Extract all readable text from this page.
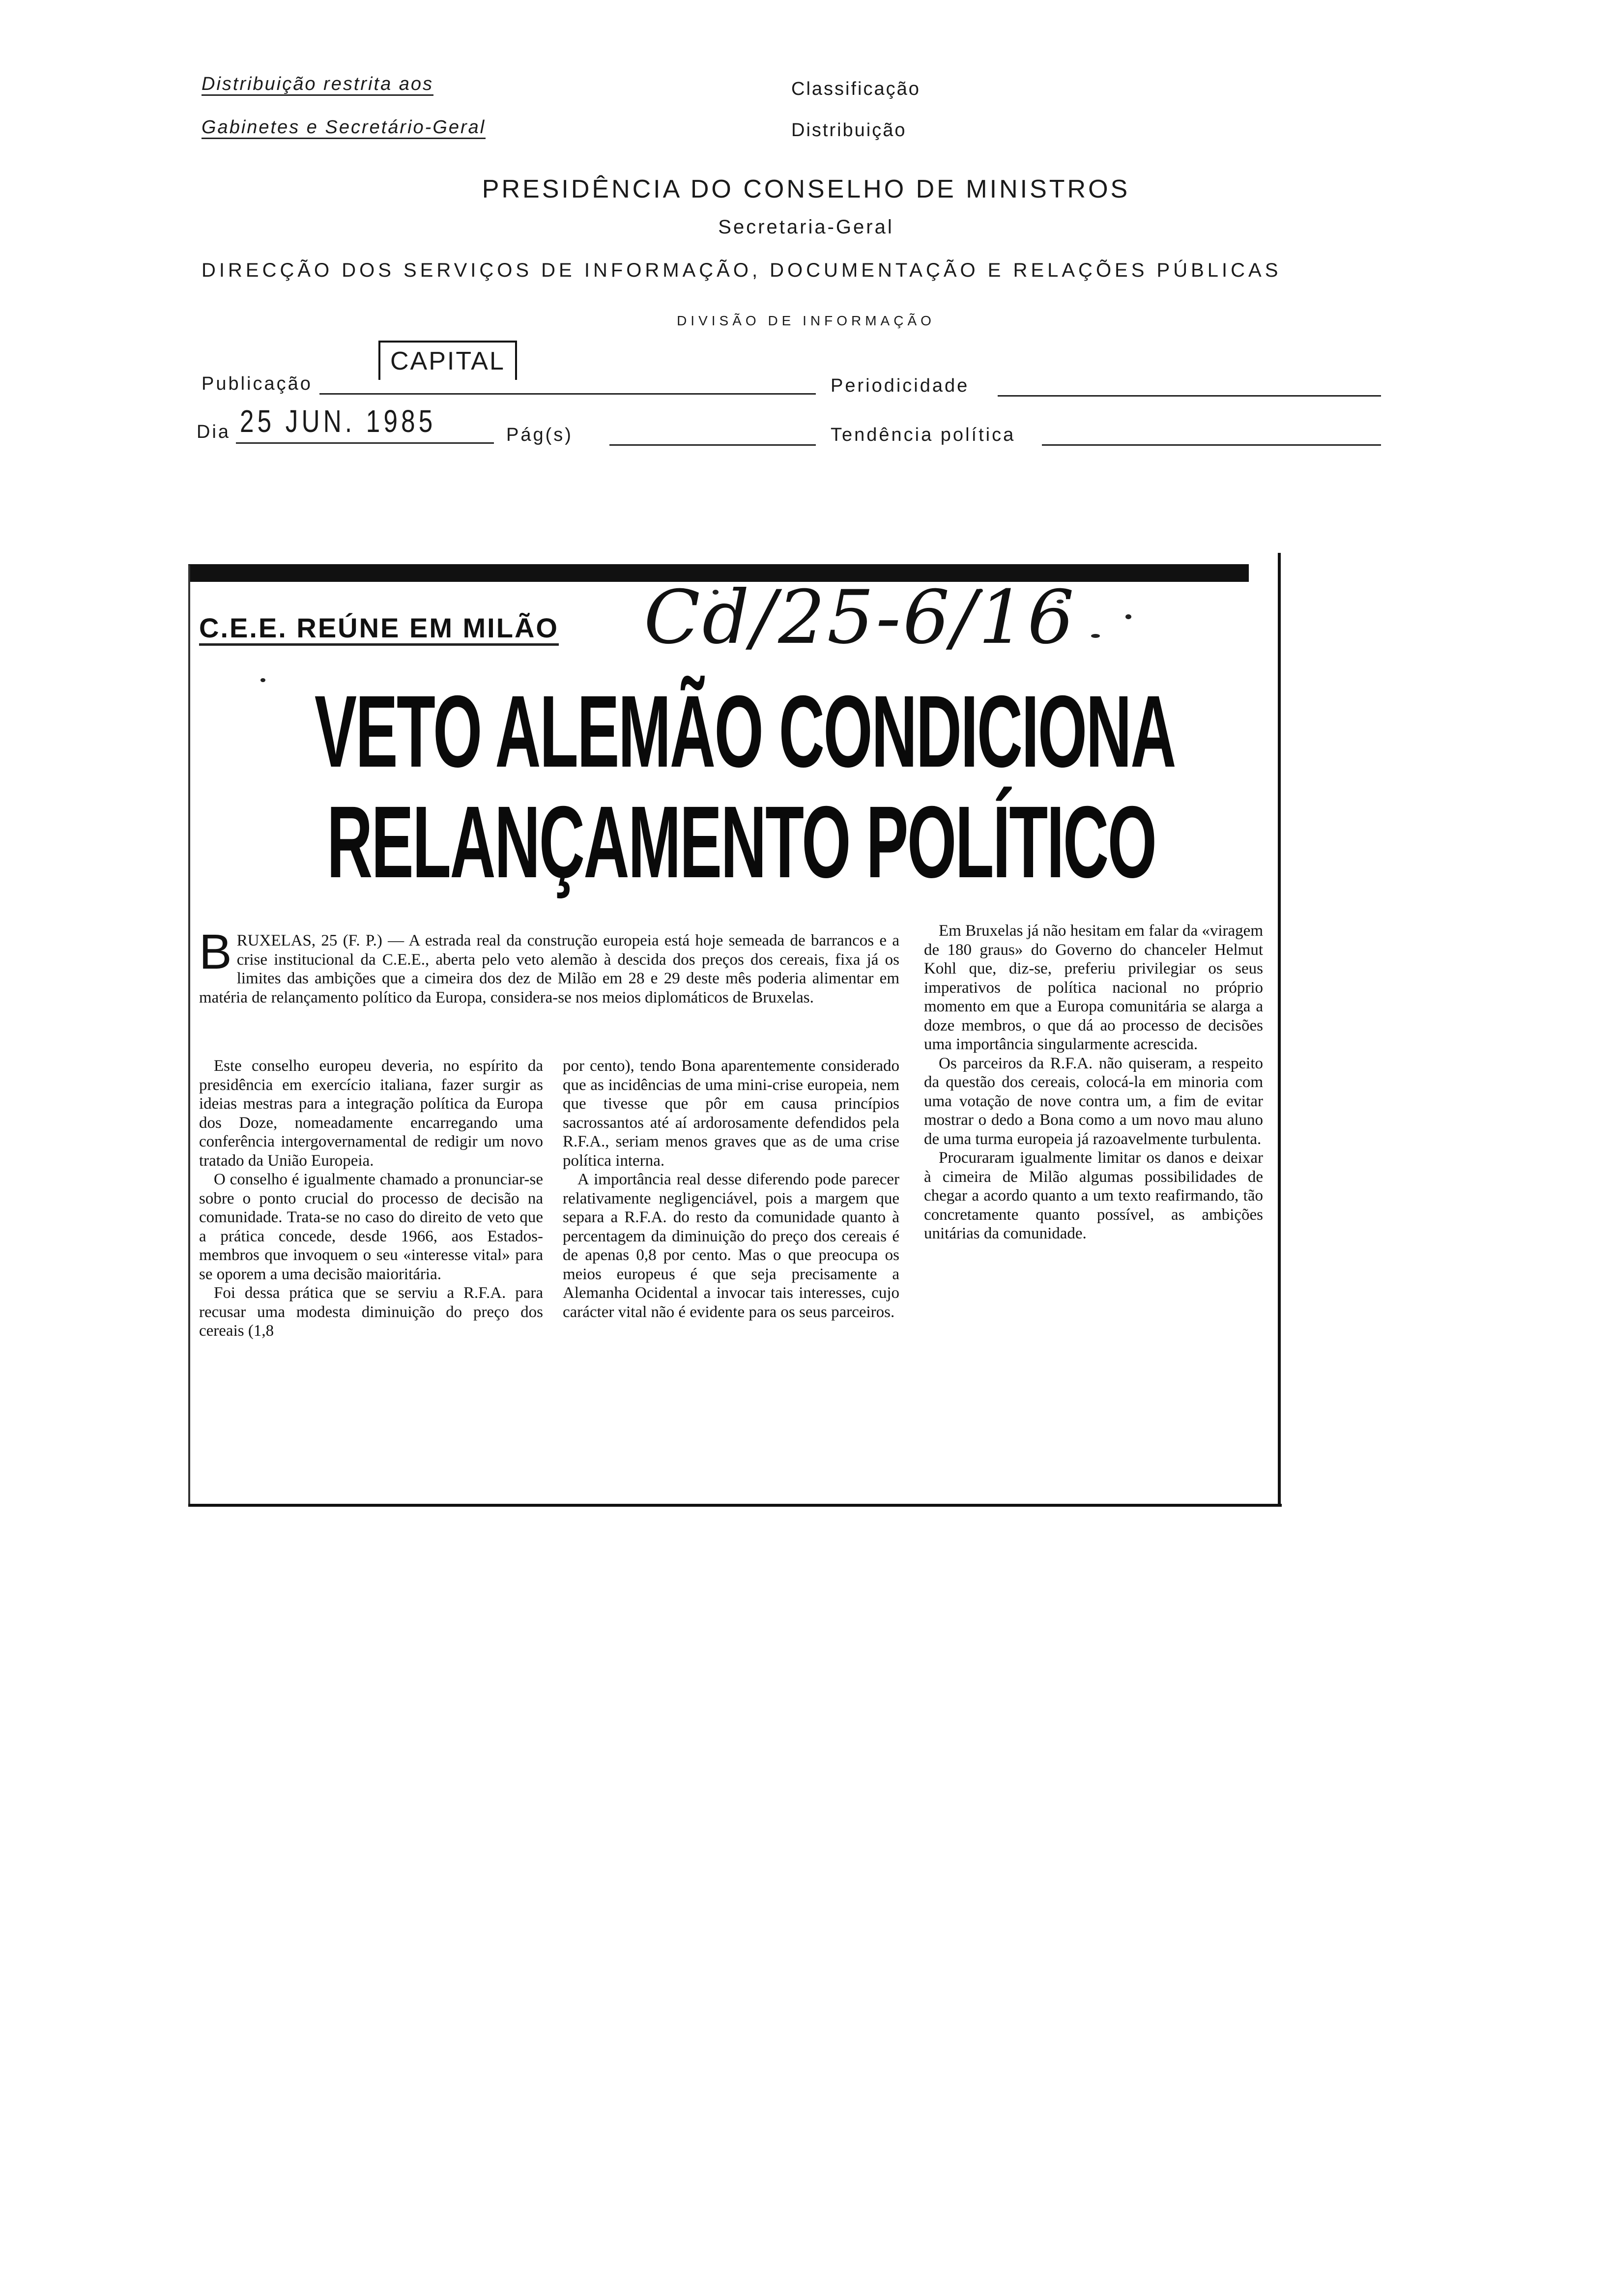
Distribuição restrita aos
Gabinetes e Secretário-Geral
Classificação
Distribuição
PRESIDÊNCIA DO CONSELHO DE MINISTROS
Secretaria-Geral
DIRECÇÃO DOS SERVIÇOS DE INFORMAÇÃO, DOCUMENTAÇÃO E RELAÇÕES PÚBLICAS
DIVISÃO DE INFORMAÇÃO
Publicação
CAPITAL
Periodicidade
Dia 25 JUN. 1985	Pág(s)	Tendência política
C.E.E. REÚNE EM MILÃO Cd/25-6/16
VETO ALEMÃO CONDICIONA
RELANÇAMENTO POLÍTICO
B RUXELAS, 25 (F. P.) — A estrada real da construção europeia está hoje semeada de barrancos e a crise institucional da C.E.E., aberta pelo veto alemão à descida dos preços dos cereais, fixa já os limites das ambições que a cimeira dos dez de Milão em 28 e 29 deste mês poderia alimentar em matéria de relançamento político da Europa, considera-se nos meios diplomáticos de Bruxelas.

Este conselho europeu deveria, no espírito da presidência em exercício italiana, fazer surgir as ideias mestras para a integração política da Europa dos Doze, nomeadamente encarregando uma conferência intergovernamental de redigir um novo tratado da União Europeia.

O conselho é igualmente chamado a pronunciar-se sobre o ponto crucial do processo de decisão na comunidade. Trata-se no caso do direito de veto que a prática concede, desde 1966, aos Estados-membros que invoquem o seu «interesse vital» para se oporem a uma decisão maioritária.

Foi dessa prática que se serviu a R.F.A. para recusar uma modesta diminuição do preço dos cereais (1,8

por cento), tendo Bona aparentemente considerado que as incidências de uma mini-crise europeia, nem que tivesse que pôr em causa princípios sacrossantos até aí ardorosamente defendidos pela R.F.A., seriam menos graves que as de uma crise política interna.

A importância real desse diferendo pode parecer relativamente negligenciável, pois a margem que separa a R.F.A. do resto da comunidade quanto à percentagem da diminuição do preço dos cereais é de apenas 0,8 por cento. Mas o que preocupa os meios europeus é que seja precisamente a Alemanha Ocidental a invocar tais interesses, cujo carácter vital não é evidente para os seus parceiros.

Em Bruxelas já não hesitam em falar da «viragem de 180 graus» do Governo do chanceler Helmut Kohl que, diz-se, preferiu privilegiar os seus imperativos de política nacional no próprio momento em que a Europa comunitária se alarga a doze membros, o que dá ao processo de decisões uma importância singularmente acrescida.

Os parceiros da R.F.A. não quiseram, a respeito da questão dos cereais, colocá-la em minoria com uma votação de nove contra um, a fim de evitar mostrar o dedo a Bona como a um novo mau aluno de uma turma europeia já razoavelmente turbulenta.

Procuraram igualmente limitar os danos e deixar à cimeira de Milão algumas possibilidades de chegar a acordo quanto a um texto reafirmando, tão concretamente quanto possível, as ambições unitárias da comunidade.
